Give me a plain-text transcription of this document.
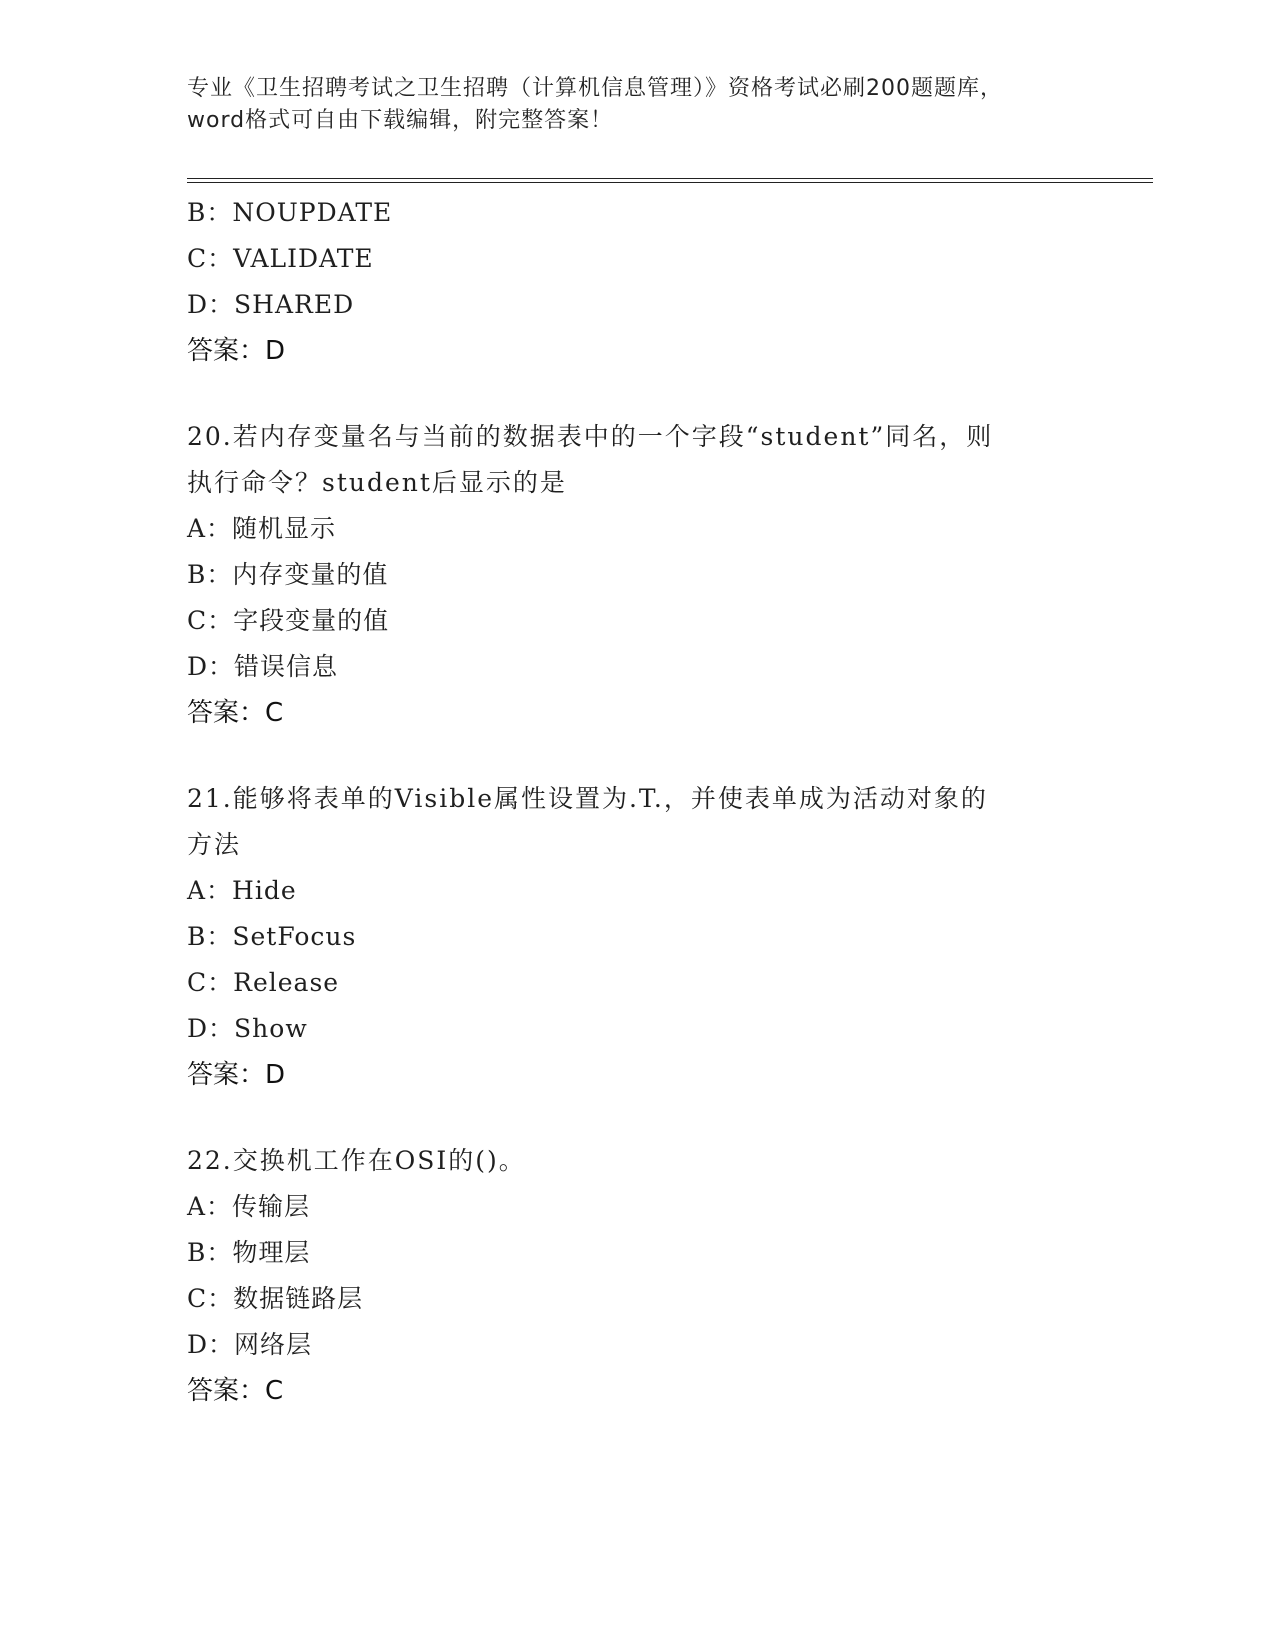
专业《卫生招聘考试之卫生招聘（计算机信息管理）》资格考试必刷200题题库，
word格式可自由下载编辑，附完整答案！
B：NOUPDATE
C：VALIDATE
D：SHARED
答案：D
20.若内存变量名与当前的数据表中的一个字段“student”同名，则
执行命令？student后显示的是
A：随机显示
B：内存变量的值
C：字段变量的值
D：错误信息
答案：C
21.能够将表单的Visible属性设置为.T.，并使表单成为活动对象的
方法
A：Hide
B：SetFocus
C：Release
D：Show
答案：D
22.交换机工作在OSI的()。
A：传输层
B：物理层
C：数据链路层
D：网络层
答案：C
